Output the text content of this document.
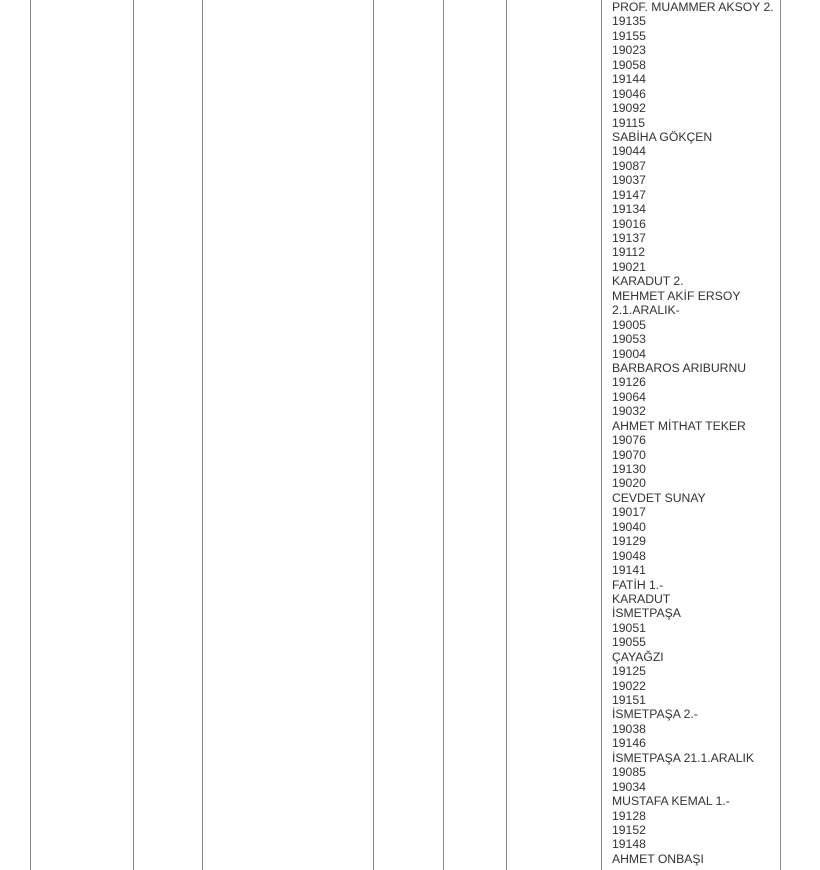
PROF. MUAMMER AKSOY 2.
19135
19155
19023
19058
19144
19046
19092
19115
SABİHA GÖKÇEN
19044
19087
19037
19147
19134
19016
19137
19112
19021
KARADUT 2.
MEHMET AKİF ERSOY
2.1.ARALIK-
19005
19053
19004
BARBAROS ARIBURNU
19126
19064
19032
AHMET MİTHAT TEKER
19076
19070
19130
19020
CEVDET SUNAY
19017
19040
19129
19048
19141
FATİH 1.-
KARADUT
İSMETPAŞA
19051
19055
ÇAYAĞZI
19125
19022
19151
İSMETPAŞA 2.-
19038
19146
İSMETPAŞA 21.1.ARALIK
19085
19034
MUSTAFA KEMAL 1.-
19128
19152
19148
AHMET ONBAŞI
